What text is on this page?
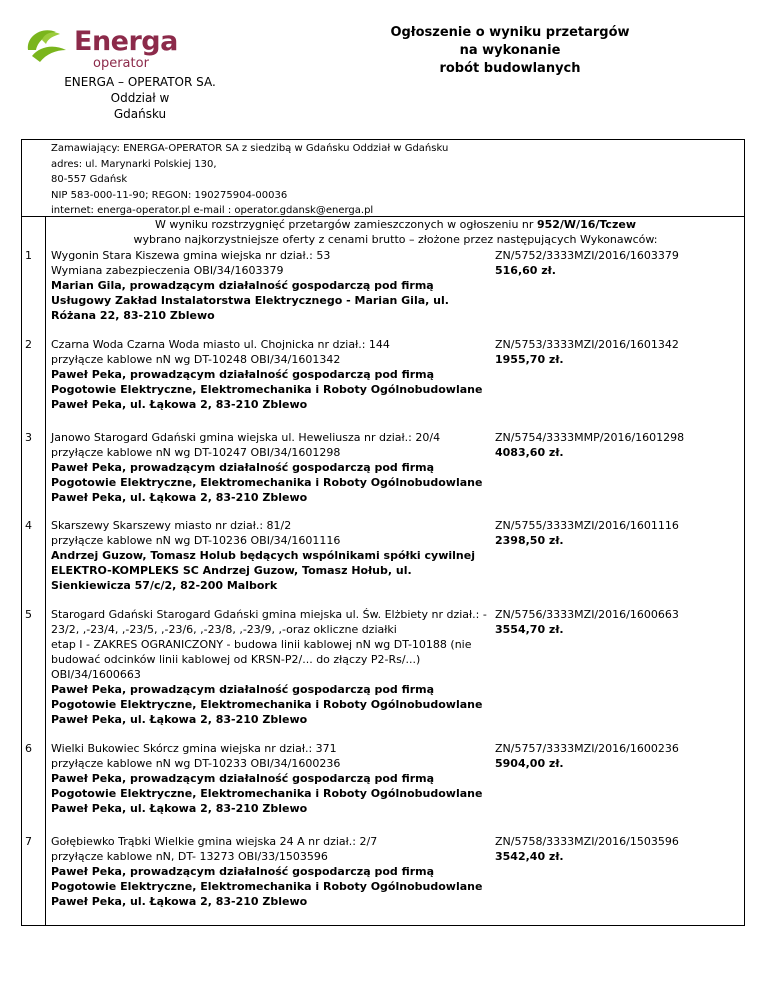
Energa
operator
ENERGA – OPERATOR SA. Oddział w
Gdańsku
Ogłoszenie o wyniku przetargów
na wykonanie
robót budowlanych
Zamawiający: ENERGA-OPERATOR SA z siedzibą w Gdańsku Oddział w Gdańsku
adres: ul. Marynarki Polskiej 130,
80-557 Gdańsk
NIP 583-000-11-90; REGON: 190275904-00036
internet: energa-operator.pl e-mail : operator.gdansk@energa.pl
W wyniku rozstrzygnięć przetargów zamieszczonych w ogłoszeniu nr 952/W/16/Tczew
wybrano najkorzystniejsze oferty z cenami brutto – złożone przez następujących Wykonawców:
1 Wygonin Stara Kiszewa gmina wiejska nr dział.: 53
Wymiana zabezpieczenia OBI/34/1603379
Marian Gila, prowadzącym działalność gospodarczą pod firmą
Usługowy Zakład Instalatorstwa Elektrycznego - Marian Gila, ul.
Różana 22, 83-210 Zblewo
ZN/5752/3333MZI/2016/1603379
516,60 zł.
2 Czarna Woda Czarna Woda miasto ul. Chojnicka nr dział.: 144
przyłącze kablowe nN wg DT-10248 OBI/34/1601342
Paweł Peka, prowadzącym działalność gospodarczą pod firmą
Pogotowie Elektryczne, Elektromechanika i Roboty Ogólnobudowlane
Paweł Peka, ul. Łąkowa 2, 83-210 Zblewo
ZN/5753/3333MZI/2016/1601342
1955,70 zł.
3 Janowo Starogard Gdański gmina wiejska ul. Heweliusza nr dział.: 20/4
przyłącze kablowe nN wg DT-10247 OBI/34/1601298
Paweł Peka, prowadzącym działalność gospodarczą pod firmą
Pogotowie Elektryczne, Elektromechanika i Roboty Ogólnobudowlane
Paweł Peka, ul. Łąkowa 2, 83-210 Zblewo
ZN/5754/3333MMP/2016/1601298
4083,60 zł.
4 Skarszewy Skarszewy miasto nr dział.: 81/2
przyłącze kablowe nN wg DT-10236 OBI/34/1601116
Andrzej Guzow, Tomasz Holub będących wspólnikami spółki cywilnej
ELEKTRO-KOMPLEKS SC Andrzej Guzow, Tomasz Hołub, ul.
Sienkiewicza 57/c/2, 82-200 Malbork
ZN/5755/3333MZI/2016/1601116
2398,50 zł.
5 Starogard Gdański Starogard Gdański gmina miejska ul. Św. Elżbiety nr dział.: -
23/2, ,-23/4, ,-23/5, ,-23/6, ,-23/8, ,-23/9, ,-oraz okliczne działki
etap I - ZAKRES OGRANICZONY - budowa linii kablowej nN wg DT-10188 (nie
budować odcinków linii kablowej od KRSN-P2/... do złączy P2-Rs/...)
OBI/34/1600663
Paweł Peka, prowadzącym działalność gospodarczą pod firmą
Pogotowie Elektryczne, Elektromechanika i Roboty Ogólnobudowlane
Paweł Peka, ul. Łąkowa 2, 83-210 Zblewo
ZN/5756/3333MZI/2016/1600663
3554,70 zł.
6 Wielki Bukowiec Skórcz gmina wiejska nr dział.: 371
przyłącze kablowe nN wg DT-10233 OBI/34/1600236
Paweł Peka, prowadzącym działalność gospodarczą pod firmą
Pogotowie Elektryczne, Elektromechanika i Roboty Ogólnobudowlane
Paweł Peka, ul. Łąkowa 2, 83-210 Zblewo
ZN/5757/3333MZI/2016/1600236
5904,00 zł.
7 Gołębiewko Trąbki Wielkie gmina wiejska 24 A nr dział.: 2/7
przyłącze kablowe nN, DT- 13273 OBI/33/1503596
Paweł Peka, prowadzącym działalność gospodarczą pod firmą
Pogotowie Elektryczne, Elektromechanika i Roboty Ogólnobudowlane
Paweł Peka, ul. Łąkowa 2, 83-210 Zblewo
ZN/5758/3333MZI/2016/1503596
3542,40 zł.
